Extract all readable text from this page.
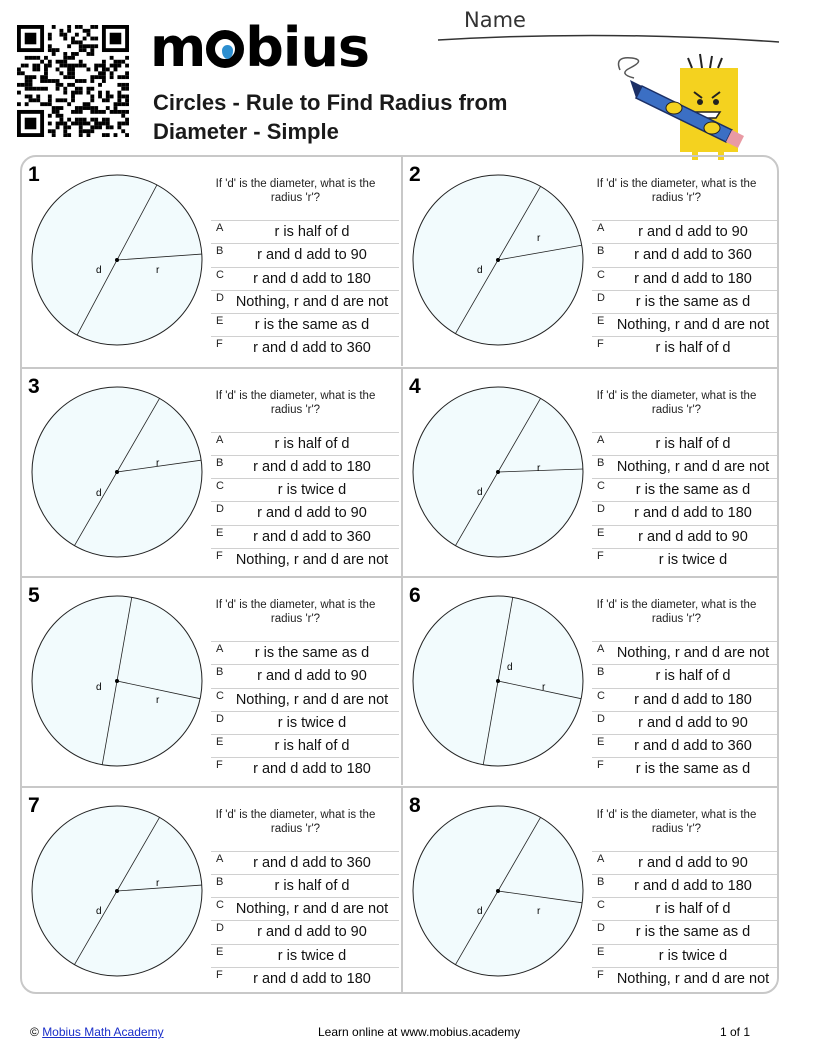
m bius	Name
Circles - Rule to Find Radius from Diameter - Simple
1
d	r
If 'd' is the diameter, what is the radius 'r'?
A	r is half of d
B	r and d add to 90
C	r and d add to 180
D Nothing, r and d are not
E	r is the same as d
F	r and d add to 360
2
d
r
If 'd' is the diameter, what is the radius 'r'?
A	r and d add to 90
B	r and d add to 360
C	r and d add to 180
D	r is the same as d
E Nothing, r and d are not
F	r is half of d
3
d
r
If 'd' is the diameter, what is the radius 'r'?
A	r is half of d
B	r and d add to 180
C	r is twice d
D	r and d add to 90
E	r and d add to 360
F Nothing, r and d are not
4
d
r
If 'd' is the diameter, what is the radius 'r'?
A	r is half of d
B Nothing, r and d are not
C	r is the same as d
D	r and d add to 180
E	r and d add to 90
F	r is twice d
5
d
r
If 'd' is the diameter, what is the radius 'r'?
A	r is the same as d
B	r and d add to 90
C Nothing, r and d are not
D	r is twice d
E	r is half of d
F	r and d add to 180
6
d
r
If 'd' is the diameter, what is the radius 'r'?
A Nothing, r and d are not
B	r is half of d
C	r and d add to 180
D	r and d add to 90
E	r and d add to 360
F	r is the same as d
7
d
r
If 'd' is the diameter, what is the radius 'r'?
A	r and d add to 360
B	r is half of d
C Nothing, r and d are not
D	r and d add to 90
E	r is twice d
F	r and d add to 180
8
d	r
If 'd' is the diameter, what is the radius 'r'?
A	r and d add to 90
B	r and d add to 180
C	r is half of d
D	r is the same as d
E	r is twice d
F Nothing, r and d are not
© Mobius Math Academy	Learn online at www.mobius.academy	1 of 1
